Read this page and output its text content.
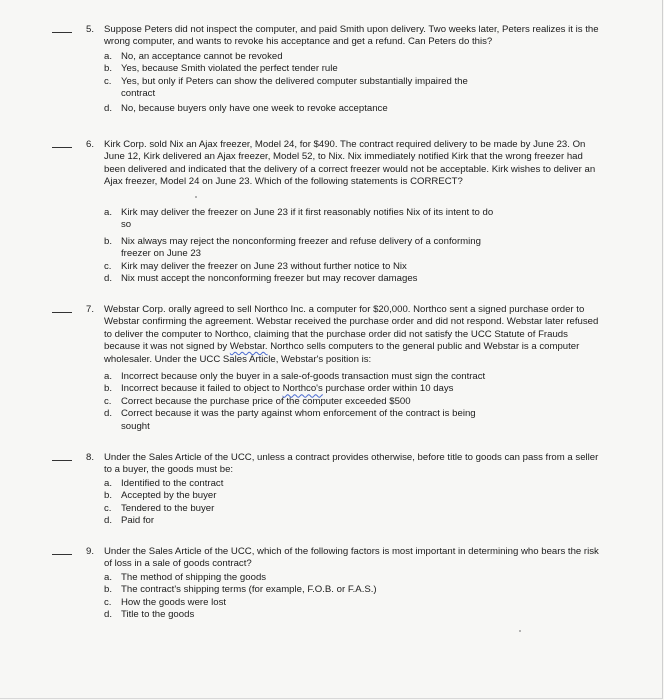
5. Suppose Peters did not inspect the computer, and paid Smith upon delivery. Two weeks later, Peters realizes it is the wrong computer, and wants to revoke his acceptance and get a refund. Can Peters do this?
a. No, an acceptance cannot be revoked
b. Yes, because Smith violated the perfect tender rule
c. Yes, but only if Peters can show the delivered computer substantially impaired the
contract
d. No, because buyers only have one week to revoke acceptance
6. Kirk Corp. sold Nix an Ajax freezer, Model 24, for $490. The contract required delivery to be made by June 23. On June 12, Kirk delivered an Ajax freezer, Model 52, to Nix. Nix immediately notified Kirk that the wrong freezer had been delivered and indicated that the delivery of a correct freezer would not be acceptable. Kirk wishes to deliver an Ajax freezer, Model 24 on June 23. Which of the following statements is CORRECT?
a. Kirk may deliver the freezer on June 23 if it first reasonably notifies Nix of its intent to do
so
b. Nix always may reject the nonconforming freezer and refuse delivery of a conforming
freezer on June 23
c. Kirk may deliver the freezer on June 23 without further notice to Nix
d. Nix must accept the nonconforming freezer but may recover damages
7. Webstar Corp. orally agreed to sell Northco Inc. a computer for $20,000. Northco sent a signed purchase order to Webstar confirming the agreement. Webstar received the purchase order and did not respond. Webstar later refused to deliver the computer to Northco, claiming that the purchase order did not satisfy the UCC Statute of Frauds because it was not signed by Webstar. Northco sells computers to the general public and Webstar is a computer wholesaler. Under the UCC Sales Article, Webstar's position is:
a. Incorrect because only the buyer in a sale-of-goods transaction must sign the contract
b. Incorrect because it failed to object to Northco's purchase order within 10 days
c. Correct because the purchase price of the computer exceeded $500
d. Correct because it was the party against whom enforcement of the contract is being
sought
8. Under the Sales Article of the UCC, unless a contract provides otherwise, before title to goods can pass from a seller to a buyer, the goods must be:
a. Identified to the contract
b. Accepted by the buyer
c. Tendered to the buyer
d. Paid for
9. Under the Sales Article of the UCC, which of the following factors is most important in determining who bears the risk of loss in a sale of goods contract?
a. The method of shipping the goods
b. The contract's shipping terms (for example, F.O.B. or F.A.S.)
c. How the goods were lost
d. Title to the goods
